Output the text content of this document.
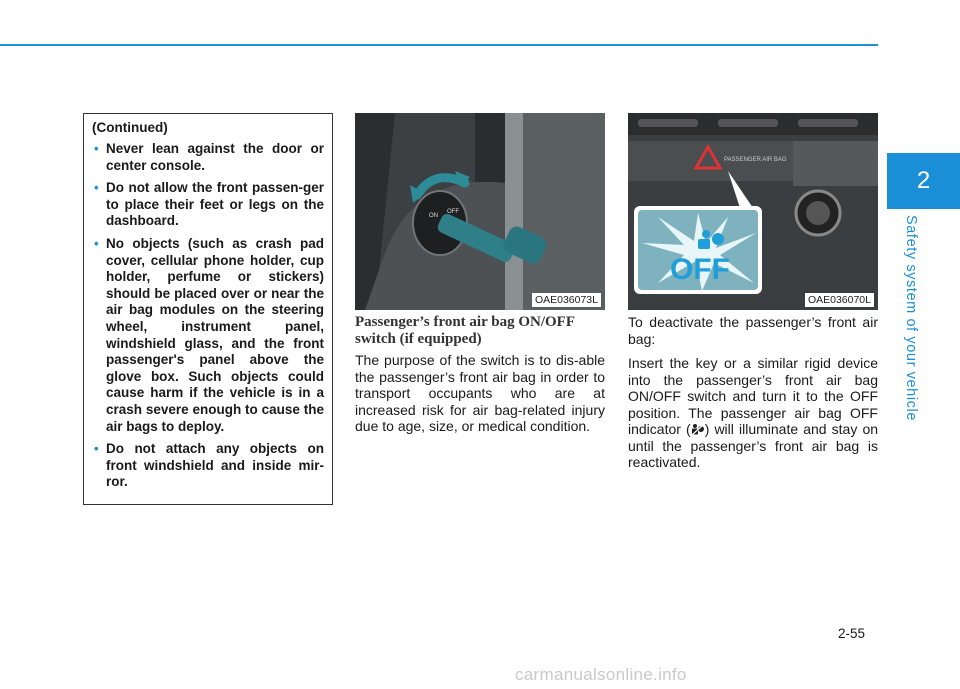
2
Safety system of your vehicle

(Continued)

• Never lean against the door or center console.
• Do not allow the front passen-ger to place their feet or legs on the dashboard.
• No objects (such as crash pad cover, cellular phone holder, cup holder, perfume or stickers) should be placed over or near the air bag modules on the steering wheel, instrument panel, windshield glass, and the front passenger's panel above the glove box. Such objects could cause harm if the vehicle is in a crash severe enough to cause the air bags to deploy.
• Do not attach any objects on front windshield and inside mir-ror.
ON
OFF
OAE036073L
PASSENGER AIR BAG
OFF
OAE036070L
Passenger’s front air bag ON/OFF switch (if equipped)
The purpose of the switch is to dis-able the passenger’s front air bag in order to transport occupants who are at increased risk for air bag-related injury due to age, size, or medical condition.
To deactivate the passenger’s front air bag:
Insert the key or a similar rigid device into the passenger’s front air bag ON/OFF switch and turn it to the OFF position. The passenger air bag OFF indicator ( ) will illuminate and stay on until the passenger’s front air bag is reactivated.
2-55
carmanualsonline.info
